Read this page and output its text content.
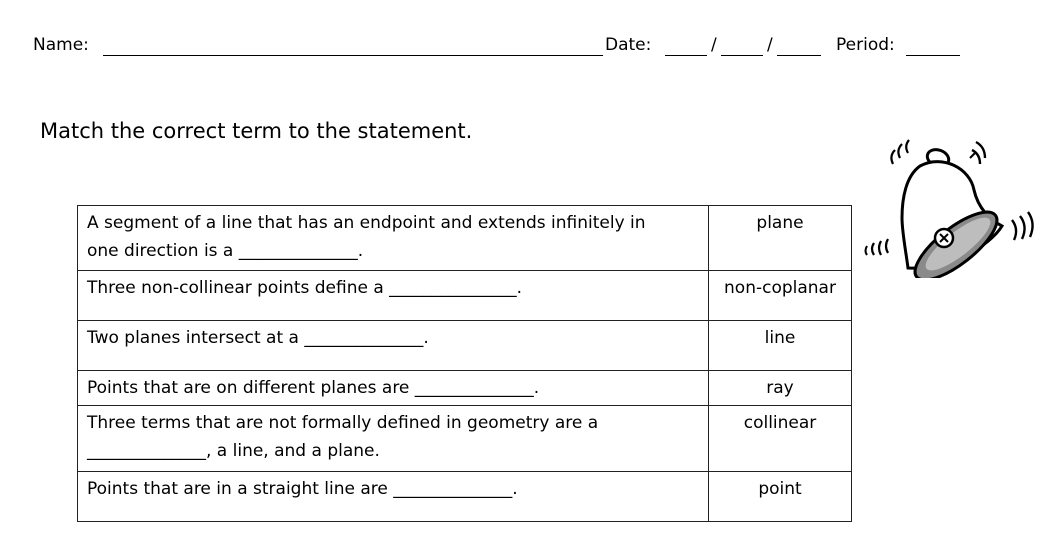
Name:

	Date:

	/

	/

	Period:

Match the correct term to the statement.
A segment of a line that has an endpoint and extends infinitely in
one direction is a ______________.	plane

Three non-collinear points define a _______________.	non-coplanar

Two planes intersect at a ______________.	line

Points that are on different planes are ______________.	ray

Three terms that are not formally defined in geometry are a
______________, a line, and a plane.	collinear

Points that are in a straight line are ______________.	point
